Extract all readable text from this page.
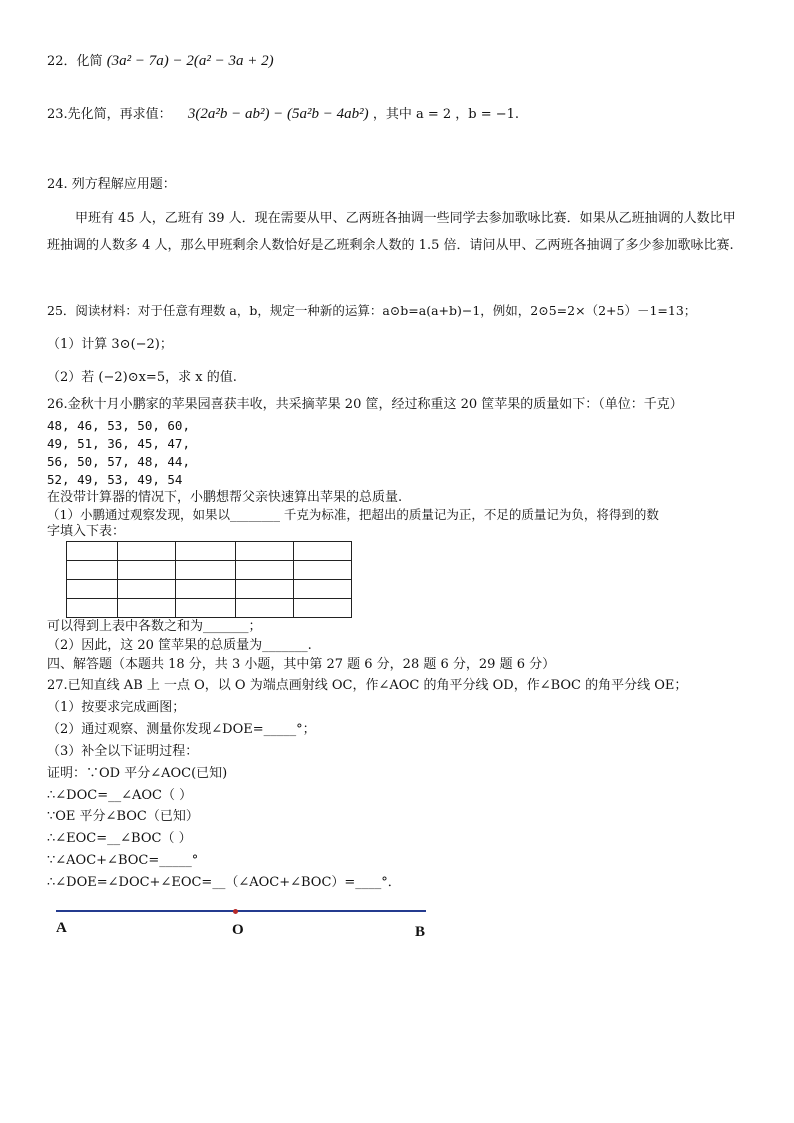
22．化简 (3a² − 7a) − 2(a² − 3a + 2)
23.先化简，再求值： 3(2a²b − ab²) − (5a²b − 4ab²) ，其中 a = 2 ，b = −1.
24. 列方程解应用题：
甲班有 45 人，乙班有 39 人．现在需要从甲、乙两班各抽调一些同学去参加歌咏比赛．如果从乙班抽调的人数比甲班抽调的人数多 4 人，那么甲班剩余人数恰好是乙班剩余人数的 1.5 倍．请问从甲、乙两班各抽调了多少参加歌咏比赛.
25．阅读材料：对于任意有理数 a，b，规定一种新的运算：a⊙b=a(a+b)−1，例如，2⊙5=2×（2+5）－1=13；
（1）计算 3⊙(−2)；
（2）若 (−2)⊙x=5，求 x 的值.
26.金秋十月小鹏家的苹果园喜获丰收，共采摘苹果 20 筐，经过称重这 20 筐苹果的质量如下：（单位：千克）
48, 46, 53, 50, 60,
49, 51, 36, 45, 47,
56, 50, 57, 48, 44,
52, 49, 53, 49, 54
在没带计算器的情况下，小鹏想帮父亲快速算出苹果的总质量.
（1）小鹏通过观察发现，如果以________ 千克为标准，把超出的质量记为正，不足的质量记为负，将得到的数
字填入下表：

可以得到上表中各数之和为_______；
（2）因此，这 20 筐苹果的总质量为_______.
四、解答题（本题共 18 分，共 3 小题，其中第 27 题 6 分，28 题 6 分，29 题 6 分）
27.已知直线 AB 上 一点 O，以 O 为端点画射线 OC，作∠AOC 的角平分线 OD，作∠BOC 的角平分线 OE；
（1）按要求完成画图；
（2）通过观察、测量你发现∠DOE=_____°；
（3）补全以下证明过程：
证明：∵OD 平分∠AOC(已知)
∴∠DOC=__∠AOC（ ）
∵OE 平分∠BOC（已知）
∴∠EOC=__∠BOC（ ）
∵∠AOC+∠BOC=_____°
∴∠DOE=∠DOC+∠EOC=__（∠AOC+∠BOC）=____°．
A	O	B
